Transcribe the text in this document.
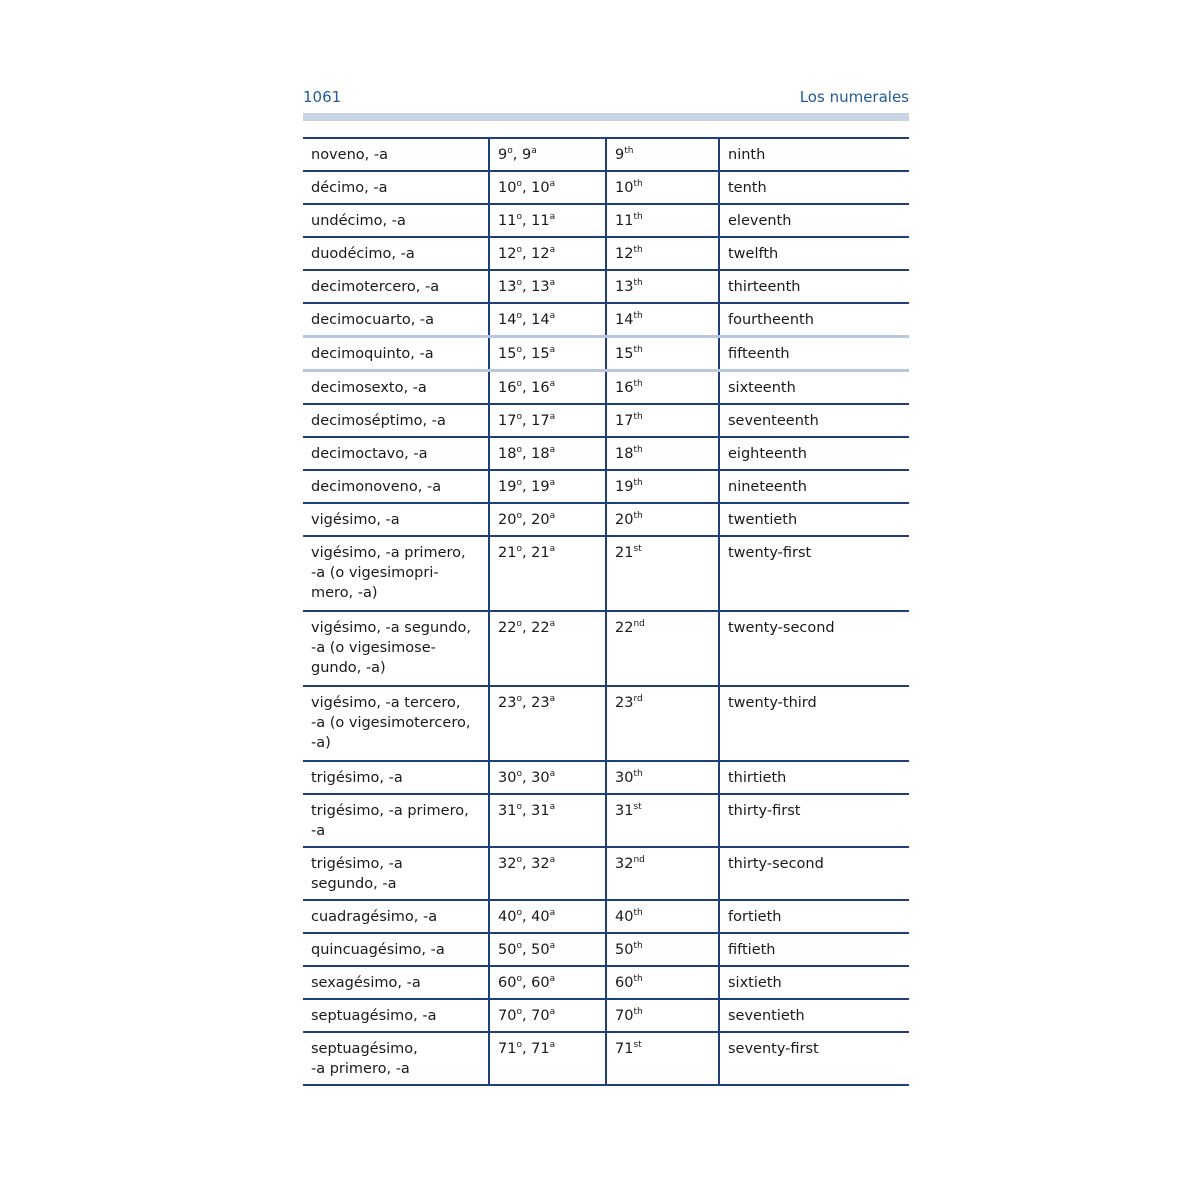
1061	Los numerales
noveno, -a	9$^o$, 9$^a$	9th	ninth
décimo, -a	10$^o$, 10$^a$	10th	tenth
undécimo, -a	11$^o$, 11$^a$	11th	eleventh
duodécimo, -a	12$^o$, 12$^a$	12th	twelfth
decimotercero, -a	13$^o$, 13$^a$	13th	thirteenth
decimocuarto, -a	14$^o$, 14$^a$	14th	fourtheenth
decimoquinto, -a	15$^o$, 15$^a$	15th	fifteenth
decimosexto, -a	16$^o$, 16$^a$	16th	sixteenth
decimoséptimo, -a	17$^o$, 17$^a$	17th	seventeenth
decimoctavo, -a	18$^o$, 18$^a$	18th	eighteenth
decimonoveno, -a	19$^o$, 19$^a$	19th	nineteenth
vigésimo, -a	20$^o$, 20$^a$	20th	twentieth
vigésimo, -a primero,
-a (o vigesimopri-
mero, -a)	21$^o$, 21$^a$	21st	twenty-first
vigésimo, -a segundo,
-a (o vigesimose-
gundo, -a)	22$^o$, 22$^a$	22nd	twenty-second
vigésimo, -a tercero,
-a (o vigesimotercero,
-a)	23$^o$, 23$^a$	23rd	twenty-third
trigésimo, -a	30$^o$, 30$^a$	30th	thirtieth
trigésimo, -a primero,
-a	31$^o$, 31$^a$	31st	thirty-first
trigésimo, -a
segundo, -a	32$^o$, 32$^a$	32nd	thirty-second
cuadragésimo, -a	40$^o$, 40$^a$	40th	fortieth
quincuagésimo, -a	50$^o$, 50$^a$	50th	fiftieth
sexagésimo, -a	60$^o$, 60$^a$	60th	sixtieth
septuagésimo, -a	70$^o$, 70$^a$	70th	seventieth
septuagésimo,
-a primero, -a	71$^o$, 71$^a$	71st	seventy-first
